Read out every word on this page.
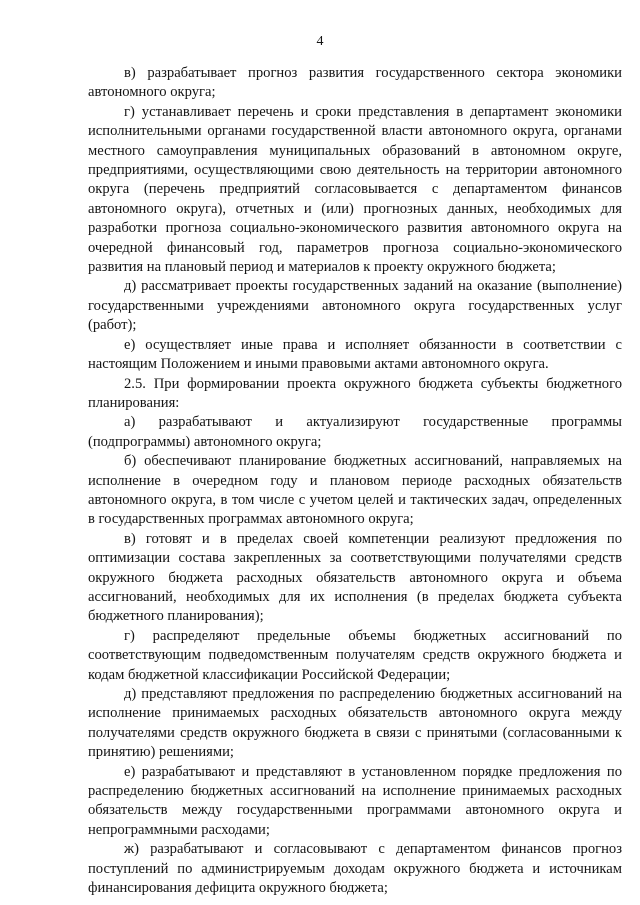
4

в) разрабатывает прогноз развития государственного сектора экономики автономного округа;

г) устанавливает перечень и сроки представления в департамент экономики исполнительными органами государственной власти автономного округа, органами местного самоуправления муниципальных образований в автономном округе, предприятиями, осуществляющими свою деятельность на территории автономного округа (перечень предприятий согласовывается с департаментом финансов автономного округа), отчетных и (или) прогнозных данных, необходимых для разработки прогноза социально-экономического развития автономного округа на очередной финансовый год, параметров прогноза социально-экономического развития на плановый период и материалов к проекту окружного бюджета;

д) рассматривает проекты государственных заданий на оказание (выполнение) государственными учреждениями автономного округа государственных услуг (работ);

е) осуществляет иные права и исполняет обязанности в соответствии с настоящим Положением и иными правовыми актами автономного округа.

2.5. При формировании проекта окружного бюджета субъекты бюджетного планирования:

а) разрабатывают и актуализируют государственные программы (подпрограммы) автономного округа;

б) обеспечивают планирование бюджетных ассигнований, направляемых на исполнение в очередном году и плановом периоде расходных обязательств автономного округа, в том числе с учетом целей и тактических задач, определенных в государственных программах автономного округа;

в) готовят и в пределах своей компетенции реализуют предложения по оптимизации состава закрепленных за соответствующими получателями средств окружного бюджета расходных обязательств автономного округа и объема ассигнований, необходимых для их исполнения (в пределах бюджета субъекта бюджетного планирования);

г) распределяют предельные объемы бюджетных ассигнований по соответствующим подведомственным получателям средств окружного бюджета и кодам бюджетной классификации Российской Федерации;

д) представляют предложения по распределению бюджетных ассигнований на исполнение принимаемых расходных обязательств автономного округа между получателями средств окружного бюджета в связи с принятыми (согласованными к принятию) решениями;

е) разрабатывают и представляют в установленном порядке предложения по распределению бюджетных ассигнований на исполнение принимаемых расходных обязательств между государственными программами автономного округа и непрограммными расходами;

ж) разрабатывают и согласовывают с департаментом финансов прогноз поступлений по администрируемым доходам окружного бюджета и источникам финансирования дефицита окружного бюджета;
